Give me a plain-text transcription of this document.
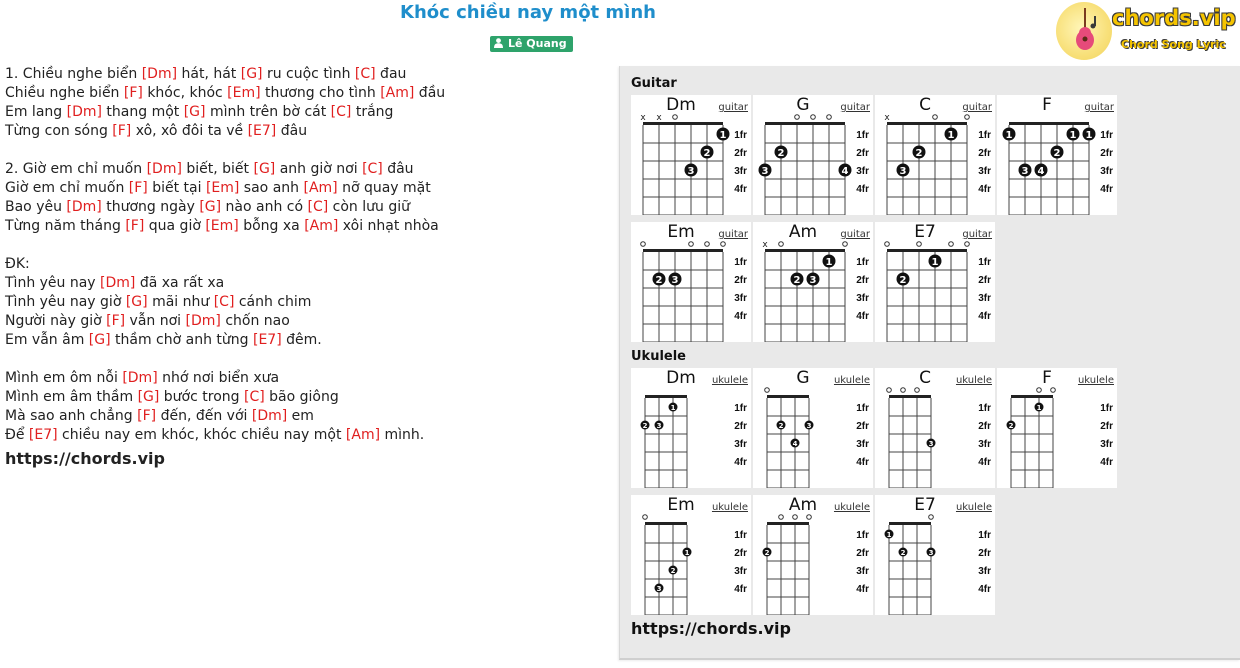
Khóc chiều nay một mình
Lê Quang
chords.vip
Chord Song Lyric
1. Chiều nghe biển [Dm] hát, hát [G] ru cuộc tình [C] đau
Chiều nghe biển [F] khóc, khóc [Em] thương cho tình [Am] đầu
Em lang [Dm] thang một [G] mình trên bờ cát [C] trắng
Từng con sóng [F] xô, xô đôi ta về [E7] đâu
2. Giờ em chỉ muốn [Dm] biết, biết [G] anh giờ nơi [C] đâu
Giờ em chỉ muốn [F] biết tại [Em] sao anh [Am] nỡ quay mặt
Bao yêu [Dm] thương ngày [G] nào anh có [C] còn lưu giữ
Từng năm tháng [F] qua giờ [Em] bỗng xa [Am] xôi nhạt nhòa
ĐK:
Tình yêu nay [Dm] đã xa rất xa
Tình yêu nay giờ [G] mãi như [C] cánh chim
Người này giờ [F] vẫn nơi [Dm] chốn nao
Em vẫn âm [G] thầm chờ anh từng [E7] đêm.
Mình em ôm nỗi [Dm] nhớ nơi biển xưa
Mình em âm thầm [G] bước trong [C] bão giông
Mà sao anh chẳng [F] đến, đến với [Dm] em
Để [E7] chiều nay em khóc, khóc chiều nay một [Am] mình.
https://chords.vip
Guitar
1fr
2fr
3fr
4fr
x x
3
2
1
Dm	guitar
1fr
2fr
3fr
4fr
3
2
4
G	guitar
1fr
2fr
3fr
4fr
x
3
2
1
C	guitar
1fr
2fr
3fr
4fr
1
3 4
2
1 1
F	guitar
1fr
2fr
3fr
4fr
2 3
Em	guitar
1fr
2fr
3fr
4fr
x
2 3
1
Am	guitar
1fr
2fr
3fr
4fr
2
1
E7	guitar
Ukulele
1fr
2fr
3fr
4fr
2 3
1
Dm	ukulele
1fr
2fr
3fr
4fr
2
4
3
G	ukulele
1fr
2fr
3fr
4fr
3
C	ukulele
1fr
2fr
3fr
4fr
2
1
F	ukulele
1fr
2fr
3fr
4fr
3
2
1
Em	ukulele
1fr
2fr
3fr
4fr
2
Am	ukulele
1fr
2fr
3fr
4fr
1
2	3
E7	ukulele
https://chords.vip
